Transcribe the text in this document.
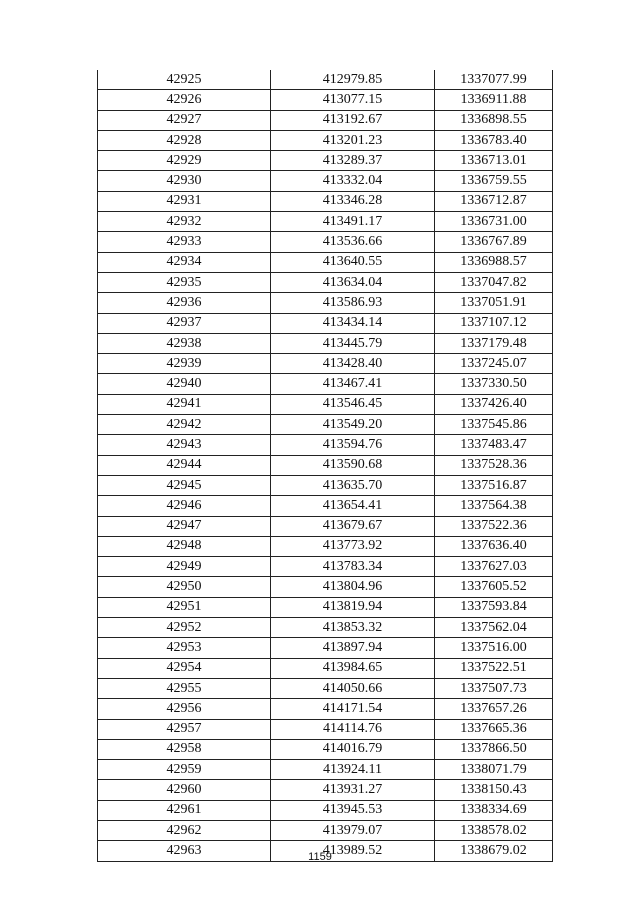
42925	412979.85	1337077.99
42926	413077.15	1336911.88
42927	413192.67	1336898.55
42928	413201.23	1336783.40
42929	413289.37	1336713.01
42930	413332.04	1336759.55
42931	413346.28	1336712.87
42932	413491.17	1336731.00
42933	413536.66	1336767.89
42934	413640.55	1336988.57
42935	413634.04	1337047.82
42936	413586.93	1337051.91
42937	413434.14	1337107.12
42938	413445.79	1337179.48
42939	413428.40	1337245.07
42940	413467.41	1337330.50
42941	413546.45	1337426.40
42942	413549.20	1337545.86
42943	413594.76	1337483.47
42944	413590.68	1337528.36
42945	413635.70	1337516.87
42946	413654.41	1337564.38
42947	413679.67	1337522.36
42948	413773.92	1337636.40
42949	413783.34	1337627.03
42950	413804.96	1337605.52
42951	413819.94	1337593.84
42952	413853.32	1337562.04
42953	413897.94	1337516.00
42954	413984.65	1337522.51
42955	414050.66	1337507.73
42956	414171.54	1337657.26
42957	414114.76	1337665.36
42958	414016.79	1337866.50
42959	413924.11	1338071.79
42960	413931.27	1338150.43
42961	413945.53	1338334.69
42962	413979.07	1338578.02
42963	413989.52	1338679.02
1159
